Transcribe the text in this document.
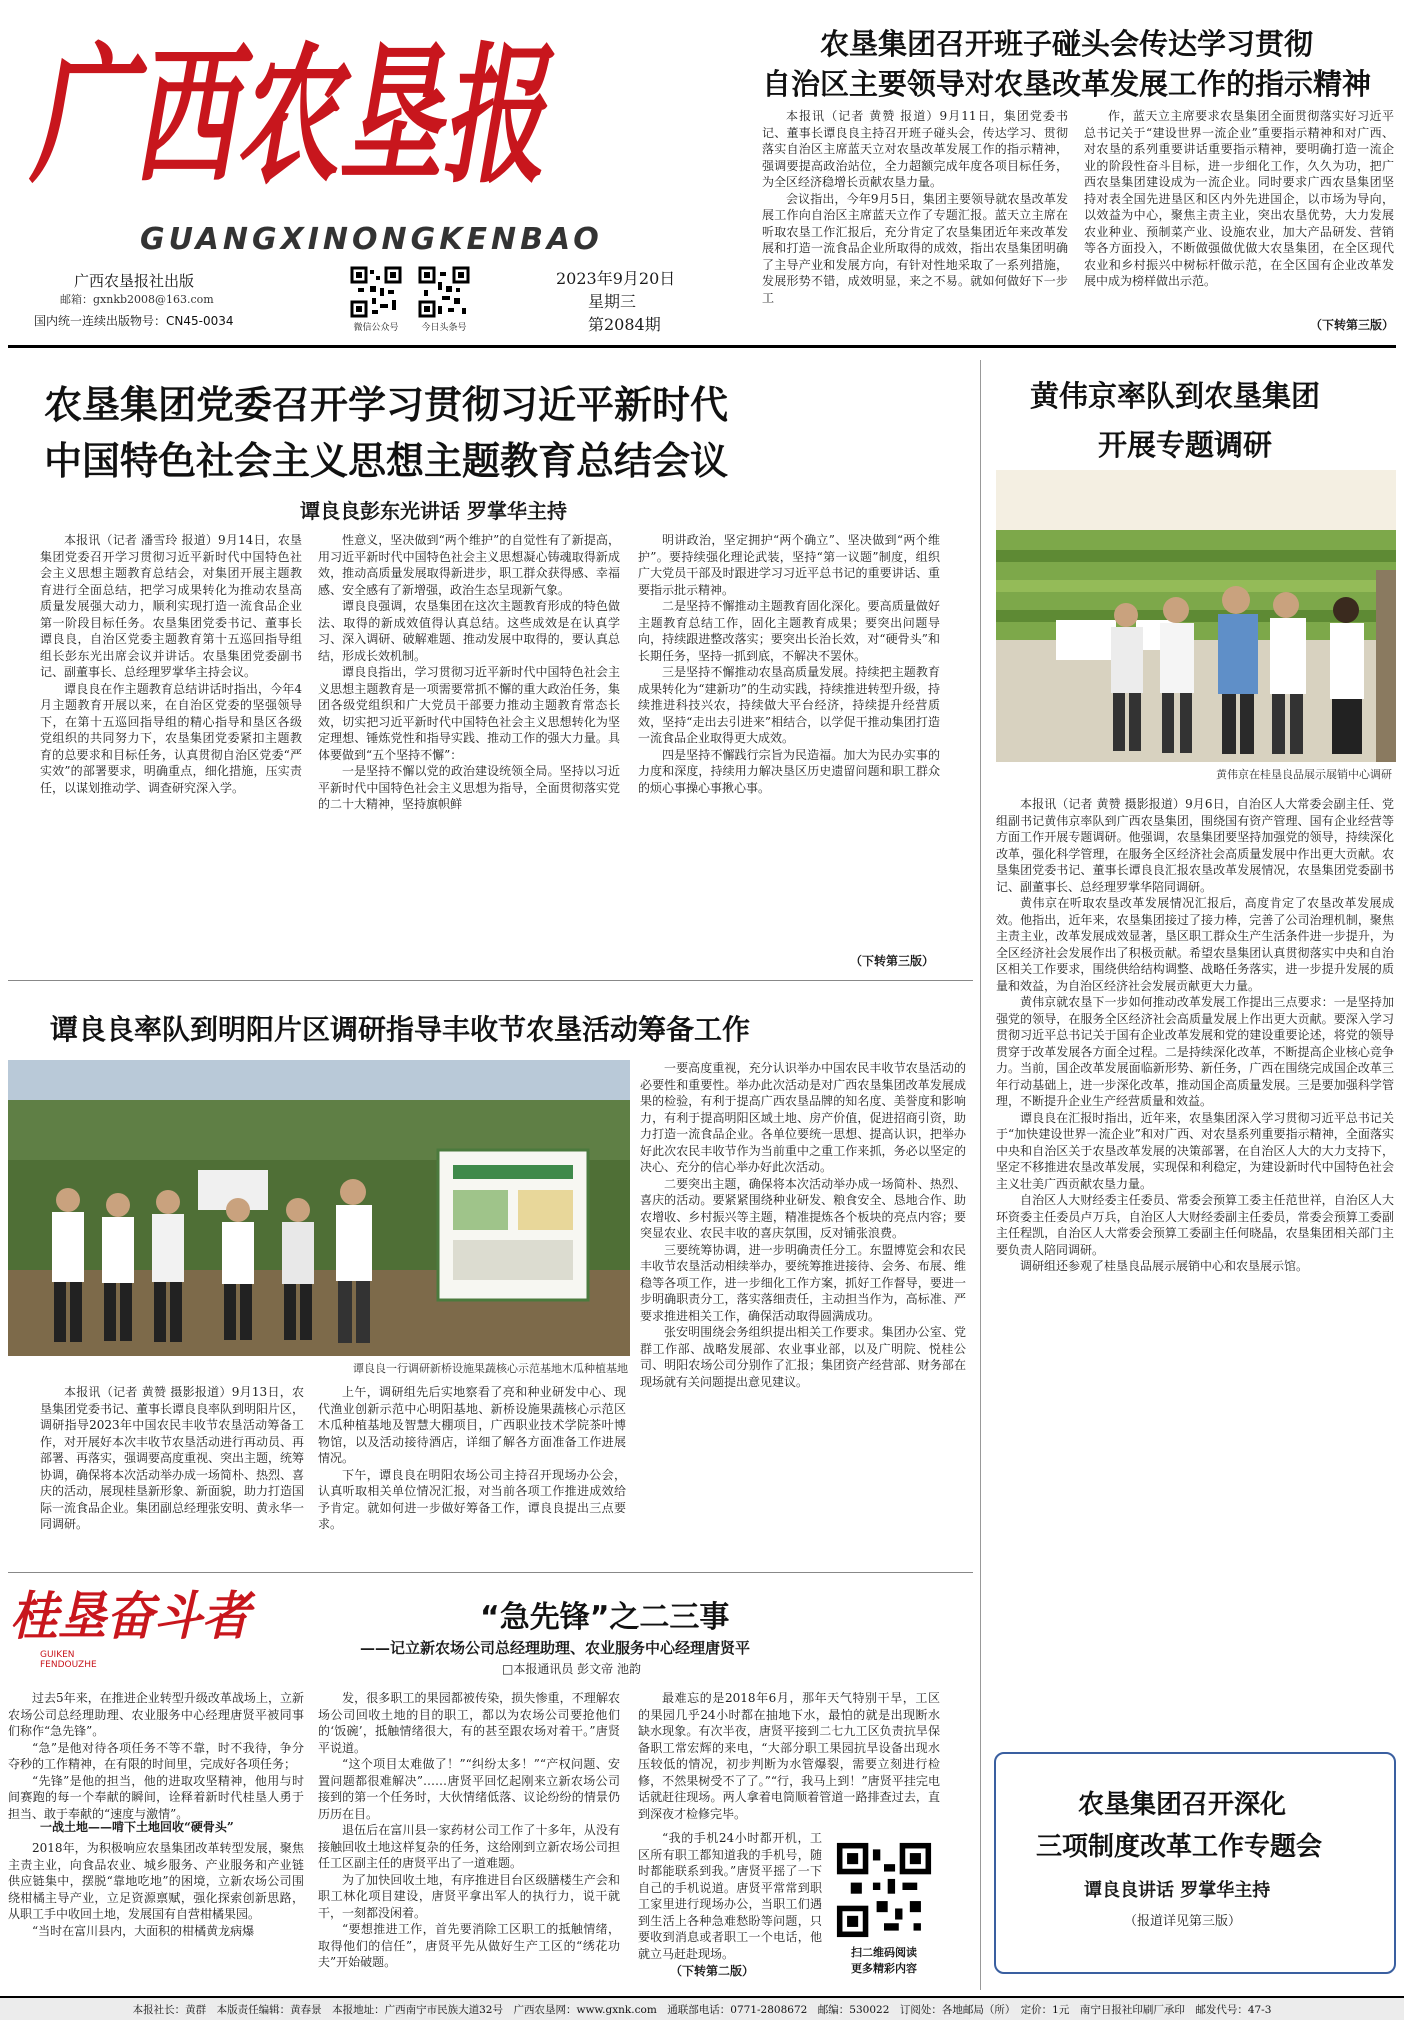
广西农垦报
GUANGXINONGKENBAO
广西农垦报社出版
邮箱：gxnkb2008@163.com
国内统一连续出版物号：CN45-0034	微信公众号	今日头条号
2023年9月20日
星期三
第2084期
农垦集团召开班子碰头会传达学习贯彻
自治区主要领导对农垦改革发展工作的指示精神

本报讯（记者 黄赞 报道）9月11日，集团党委书记、董事长谭良良主持召开班子碰头会，传达学习、贯彻落实自治区主席蓝天立对农垦改革发展工作的指示精神，强调要提高政治站位，全力超额完成年度各项目标任务，为全区经济稳增长贡献农垦力量。

会议指出，今年9月5日，集团主要领导就农垦改革发展工作向自治区主席蓝天立作了专题汇报。蓝天立主席在听取农垦工作汇报后，充分肯定了农垦集团近年来改革发展和打造一流食品企业所取得的成效，指出农垦集团明确了主导产业和发展方向，有针对性地采取了一系列措施，发展形势不错，成效明显，来之不易。就如何做好下一步工

作，蓝天立主席要求农垦集团全面贯彻落实好习近平总书记关于“建设世界一流企业”重要指示精神和对广西、对农垦的系列重要讲话重要指示精神，要明确打造一流企业的阶段性奋斗目标，进一步细化工作，久久为功，把广西农垦集团建设成为一流企业。同时要求广西农垦集团坚持对表全国先进垦区和区内外先进国企，以市场为导向，以效益为中心，聚焦主责主业，突出农垦优势，大力发展农业种业、预制菜产业、设施农业，加大产品研发、营销等各方面投入，不断做强做优做大农垦集团，在全区现代农业和乡村振兴中树标杆做示范，在全区国有企业改革发展中成为榜样做出示范。

（下转第三版）
农垦集团党委召开学习贯彻习近平新时代
中国特色社会主义思想主题教育总结会议
谭良良彭东光讲话 罗掌华主持

本报讯（记者 潘雪玲 报道）9月14日，农垦集团党委召开学习贯彻习近平新时代中国特色社会主义思想主题教育总结会，对集团开展主题教育进行全面总结，把学习成果转化为推动农垦高质量发展强大动力，顺利实现打造一流食品企业第一阶段目标任务。农垦集团党委书记、董事长谭良良，自治区党委主题教育第十五巡回指导组组长彭东光出席会议并讲话。农垦集团党委副书记、副董事长、总经理罗掌华主持会议。

谭良良在作主题教育总结讲话时指出，今年4月主题教育开展以来，在自治区党委的坚强领导下，在第十五巡回指导组的精心指导和垦区各级党组织的共同努力下，农垦集团党委紧扣主题教育的总要求和目标任务，认真贯彻自治区党委“严实效”的部署要求，明确重点，细化措施，压实责任，以谋划推动学、调查研究深入学。

性意义，坚决做到“两个维护”的自觉性有了新提高，用习近平新时代中国特色社会主义思想凝心铸魂取得新成效，推动高质量发展取得新进步，职工群众获得感、幸福感、安全感有了新增强，政治生态呈现新气象。

谭良良强调，农垦集团在这次主题教育形成的特色做法、取得的新成效值得认真总结。这些成效是在认真学习、深入调研、破解难题、推动发展中取得的，要认真总结，形成长效机制。

谭良良指出，学习贯彻习近平新时代中国特色社会主义思想主题教育是一项需要常抓不懈的重大政治任务，集团各级党组织和广大党员干部要力推动主题教育常态长效，切实把习近平新时代中国特色社会主义思想转化为坚定理想、锤炼党性和指导实践、推动工作的强大力量。具体要做到“五个坚持不懈”：

一是坚持不懈以党的政治建设统领全局。坚持以习近平新时代中国特色社会主义思想为指导，全面贯彻落实党的二十大精神，坚持旗帜鲜

明讲政治，坚定拥护“两个确立”、坚决做到“两个维护”。要持续强化理论武装，坚持“第一议题”制度，组织广大党员干部及时跟进学习习近平总书记的重要讲话、重要指示批示精神。

二是坚持不懈推动主题教育固化深化。要高质量做好主题教育总结工作，固化主题教育成果；要突出问题导向，持续跟进整改落实；要突出长治长效，对“硬骨头”和长期任务，坚持一抓到底，不解决不罢休。

三是坚持不懈推动农垦高质量发展。持续把主题教育成果转化为“建新功”的生动实践，持续推进转型升级，持续推进科技兴农，持续做大平台经济，持续提升经营质效，坚持“走出去引进来”相结合，以学促干推动集团打造一流食品企业取得更大成效。

四是坚持不懈践行宗旨为民造福。加大为民办实事的力度和深度，持续用力解决垦区历史遗留问题和职工群众的烦心事操心事揪心事。

（下转第三版）
黄伟京率队到农垦集团
开展专题调研
黄伟京在桂垦良品展示展销中心调研

本报讯（记者 黄赞 摄影报道）9月6日，自治区人大常委会副主任、党组副书记黄伟京率队到广西农垦集团，围绕国有资产管理、国有企业经营等方面工作开展专题调研。他强调，农垦集团要坚持加强党的领导，持续深化改革，强化科学管理，在服务全区经济社会高质量发展中作出更大贡献。农垦集团党委书记、董事长谭良良汇报农垦改革发展情况，农垦集团党委副书记、副董事长、总经理罗掌华陪同调研。

黄伟京在听取农垦改革发展情况汇报后，高度肯定了农垦改革发展成效。他指出，近年来，农垦集团接过了接力棒，完善了公司治理机制，聚焦主责主业，改革发展成效显著，垦区职工群众生产生活条件进一步提升，为全区经济社会发展作出了积极贡献。希望农垦集团认真贯彻落实中央和自治区相关工作要求，围绕供给结构调整、战略任务落实，进一步提升发展的质量和效益，为自治区经济社会发展贡献更大力量。

黄伟京就农垦下一步如何推动改革发展工作提出三点要求：一是坚持加强党的领导，在服务全区经济社会高质量发展上作出更大贡献。要深入学习贯彻习近平总书记关于国有企业改革发展和党的建设重要论述，将党的领导贯穿于改革发展各方面全过程。二是持续深化改革，不断提高企业核心竞争力。当前，国企改革发展面临新形势、新任务，广西在围绕完成国企改革三年行动基础上，进一步深化改革，推动国企高质量发展。三是要加强科学管理，不断提升企业生产经营质量和效益。

谭良良在汇报时指出，近年来，农垦集团深入学习贯彻习近平总书记关于“加快建设世界一流企业”和对广西、对农垦系列重要指示精神，全面落实中央和自治区关于农垦改革发展的决策部署，在自治区人大的大力支持下，坚定不移推进农垦改革发展，实现保和利稳定，为建设新时代中国特色社会主义壮美广西贡献农垦力量。

自治区人大财经委主任委员、常委会预算工委主任范世祥，自治区人大环资委主任委员卢万兵，自治区人大财经委副主任委员，常委会预算工委副主任程凯，自治区人大常委会预算工委副主任何晓晶，农垦集团相关部门主要负责人陪同调研。

调研组还参观了桂垦良品展示展销中心和农垦展示馆。

谭良良率队到明阳片区调研指导丰收节农垦活动筹备工作
谭良良一行调研新桥设施果蔬核心示范基地木瓜种植基地

一要高度重视，充分认识举办中国农民丰收节农垦活动的必要性和重要性。举办此次活动是对广西农垦集团改革发展成果的检验，有利于提高广西农垦品牌的知名度、美誉度和影响力，有利于提高明阳区域土地、房产价值，促进招商引资，助力打造一流食品企业。各单位要统一思想、提高认识，把举办好此次农民丰收节作为当前重中之重工作来抓，务必以坚定的决心、充分的信心举办好此次活动。

二要突出主题，确保将本次活动举办成一场简朴、热烈、喜庆的活动。要紧紧围绕种业研发、粮食安全、恳地合作、助农增收、乡村振兴等主题，精准提炼各个板块的亮点内容；要突显农业、农民丰收的喜庆氛围，反对铺张浪费。

三要统筹协调，进一步明确责任分工。东盟博览会和农民丰收节农垦活动相续举办，要统筹推进接待、会务、布展、维稳等各项工作，进一步细化工作方案，抓好工作督导，要进一步明确职责分工，落实落细责任，主动担当作为，高标准、严要求推进相关工作，确保活动取得圆满成功。

张安明围绕会务组织提出相关工作要求。集团办公室、党群工作部、战略发展部、农业事业部，以及广明院、悦桂公司、明阳农场公司分别作了汇报；集团资产经营部、财务部在现场就有关问题提出意见建议。

本报讯（记者 黄赞 摄影报道）9月13日，农垦集团党委书记、董事长谭良良率队到明阳片区，调研指导2023年中国农民丰收节农垦活动筹备工作，对开展好本次丰收节农垦活动进行再动员、再部署、再落实，强调要高度重视、突出主题，统筹协调，确保将本次活动举办成一场简朴、热烈、喜庆的活动，展现桂垦新形象、新面貌，助力打造国际一流食品企业。集团副总经理张安明、黄永华一同调研。

上午，调研组先后实地察看了亮和种业研发中心、现代渔业创新示范中心明阳基地、新桥设施果蔬核心示范区木瓜种植基地及智慧大棚项目，广西职业技术学院茶叶博物馆，以及活动接待酒店，详细了解各方面准备工作进展情况。

下午，谭良良在明阳农场公司主持召开现场办公会，认真听取相关单位情况汇报，对当前各项工作推进成效给予肯定。就如何进一步做好筹备工作，谭良良提出三点要求。

桂垦奋斗者
GUIKEN FENDOUZHE
“急先锋”之二三事
——记立新农场公司总经理助理、农业服务中心经理唐贤平
□本报通讯员 彭文帝 池韵

过去5年来，在推进企业转型升级改革战场上，立新农场公司总经理助理、农业服务中心经理唐贤平被同事们称作“急先锋”。

“急”是他对待各项任务不等不靠，时不我待，争分夺秒的工作精神，在有限的时间里，完成好各项任务；

“先锋”是他的担当，他的进取攻坚精神，他用与时间赛跑的每一个奉献的瞬间，诠释着新时代桂垦人勇于担当、敢于奉献的“速度与激情”。

一战土地——啃下土地回收“硬骨头”

2018年，为积极响应农垦集团改革转型发展，聚焦主责主业，向食品农业、城乡服务、产业服务和产业链供应链集中，摆脱“靠地吃地”的困境，立新农场公司围绕柑橘主导产业，立足资源禀赋，强化探索创新思路，从职工手中收回土地，发展国有自营柑橘果园。

“当时在富川县内，大面积的柑橘黄龙病爆

发，很多职工的果园都被传染，损失惨重，不理解农场公司回收土地的目的职工，都以为农场公司要抢他们的‘饭碗’，抵触情绪很大，有的甚至跟农场对着干。”唐贤平说道。

“这个项目太难做了！”“纠纷太多！”“产权问题、安置问题都很难解决”……唐贤平回忆起刚来立新农场公司接到的第一个任务时，大伙情绪低落、议论纷纷的情景仍历历在目。

退伍后在富川县一家药材公司工作了十多年，从没有接触回收土地这样复杂的任务，这给刚到立新农场公司担任工区副主任的唐贤平出了一道难题。

为了加快回收土地，有序推进目台区级膳楼生产会和职工林化项目建设，唐贤平拿出军人的执行力，说干就干，一刻都没闲着。

“要想推进工作，首先要消除工区职工的抵触情绪，取得他们的信任”，唐贤平先从做好生产工区的“绣花功夫”开始破题。

最难忘的是2018年6月，那年天气特别干旱，工区的果园几乎24小时都在抽地下水，最怕的就是出现断水缺水现象。有次半夜，唐贤平接到二七九工区负责抗旱保备职工常宏辉的来电，“大部分职工果园抗旱设备出现水压较低的情况，初步判断为水管爆裂，需要立刻进行检修，不然果树受不了了。”“行，我马上到！”唐贤平挂完电话就赶往现场。两人拿着电筒顺着管道一路排查过去，直到深夜才检修完毕。

“我的手机24小时都开机，工区所有职工都知道我的手机号，随时都能联系到我。”唐贤平摇了一下自己的手机说道。唐贤平常常到职工家里进行现场办公，当职工们遇到生活上各种急难愁盼等问题，只要收到消息或者职工一个电话，他就立马赶赴现场。

（下转第二版）
扫二维码阅读
更多精彩内容
农垦集团召开深化
三项制度改革工作专题会
谭良良讲话 罗掌华主持
（报道详见第三版）
本报社长：黄群　本版责任编辑：黄春景　本报地址：广西南宁市民族大道32号　广西农垦网：www.gxnk.com　通联部电话：0771-2808672　邮编：530022　订阅处：各地邮局（所）　定价：1元　南宁日报社印刷厂承印　邮发代号：47-3
